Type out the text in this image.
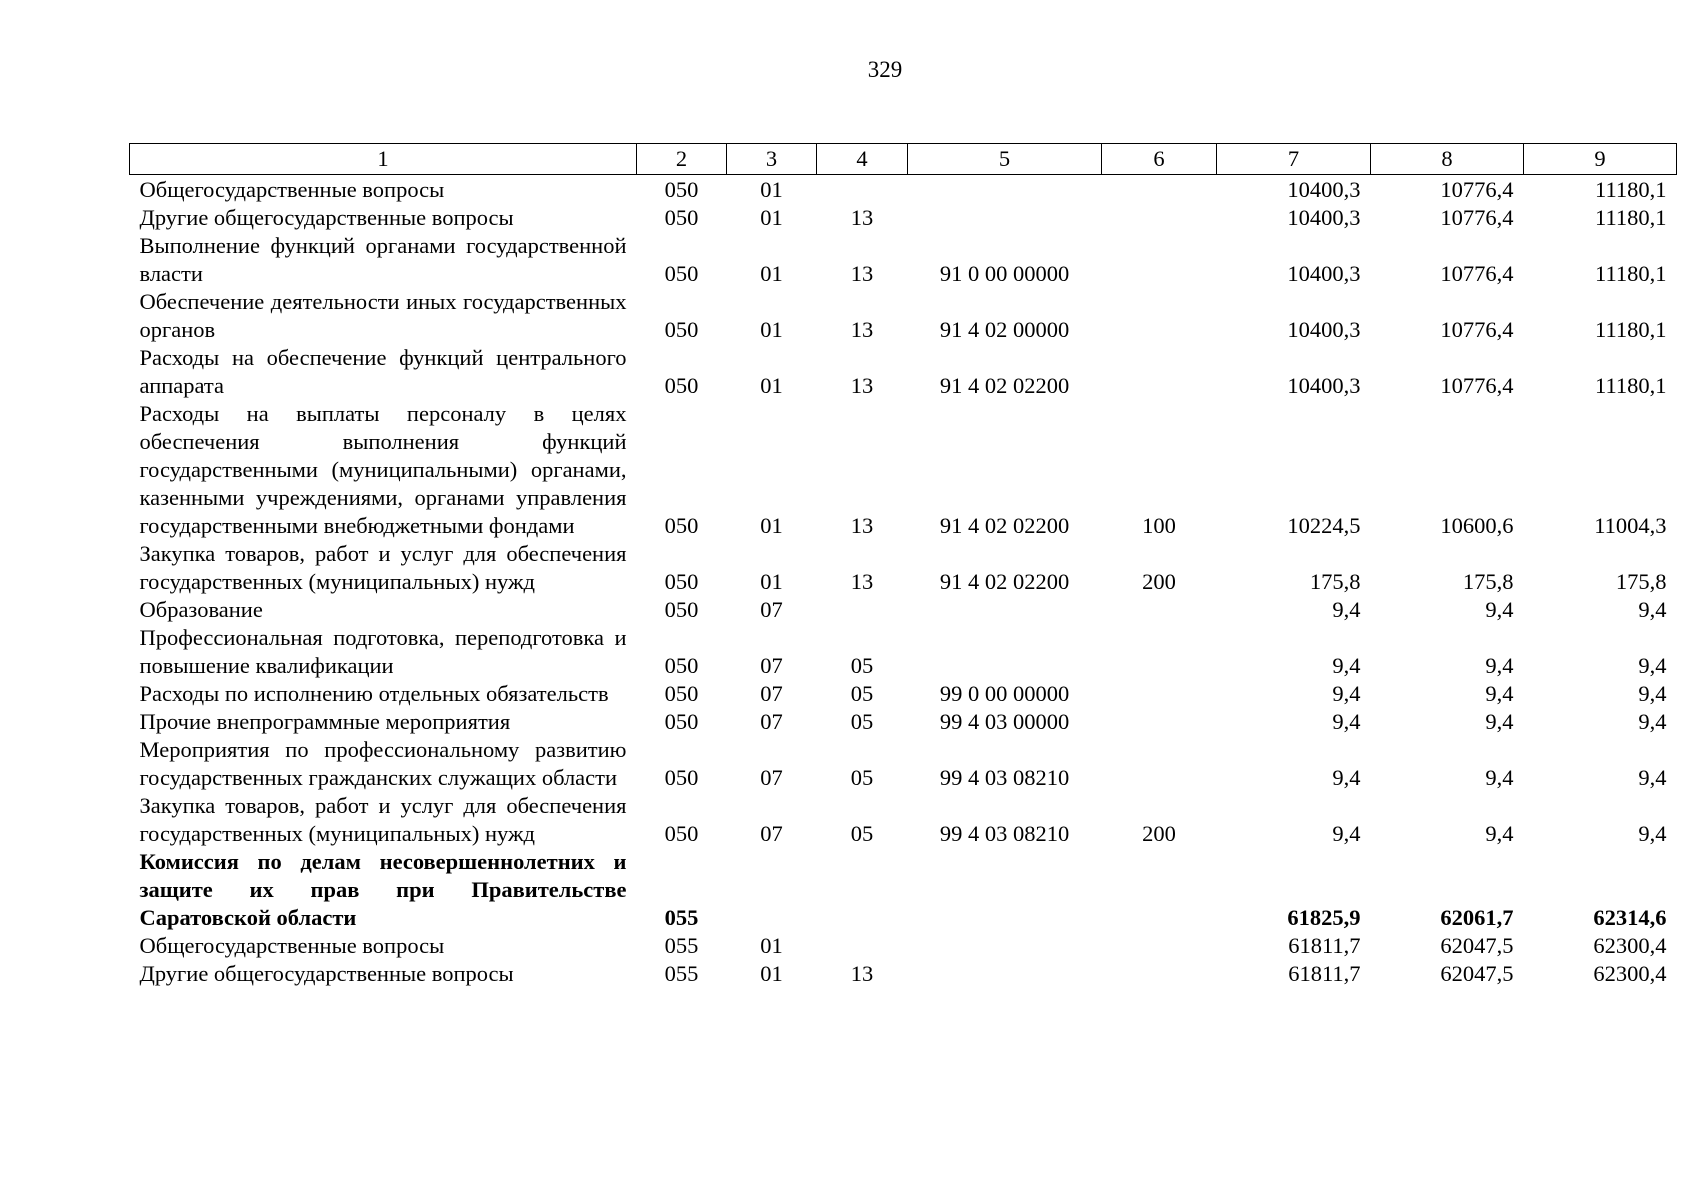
329
1	2	3	4	5	6	7	8	9
Общегосударственные вопросы	050	01				10400,3	10776,4	11180,1
Другие общегосударственные вопросы	050	01	13			10400,3	10776,4	11180,1
Выполнение функций органами государственной власти	050	01	13	91 0 00 00000		10400,3	10776,4	11180,1
Обеспечение деятельности иных государственных органов	050	01	13	91 4 02 00000		10400,3	10776,4	11180,1
Расходы на обеспечение функций центрального аппарата	050	01	13	91 4 02 02200		10400,3	10776,4	11180,1
Расходы на выплаты персоналу в целях обеспечения выполнения функций государственными (муниципальными) органами, казенными учреждениями, органами управления государственными внебюджетными фондами	050	01	13	91 4 02 02200	100	10224,5	10600,6	11004,3
Закупка товаров, работ и услуг для обеспечения государственных (муниципальных) нужд	050	01	13	91 4 02 02200	200	175,8	175,8	175,8
Образование	050	07				9,4	9,4	9,4
Профессиональная подготовка, переподготовка и повышение квалификации	050	07	05			9,4	9,4	9,4
Расходы по исполнению отдельных обязательств	050	07	05	99 0 00 00000		9,4	9,4	9,4
Прочие внепрограммные мероприятия	050	07	05	99 4 03 00000		9,4	9,4	9,4
Мероприятия по профессиональному развитию государственных гражданских служащих области	050	07	05	99 4 03 08210		9,4	9,4	9,4
Закупка товаров, работ и услуг для обеспечения государственных (муниципальных) нужд	050	07	05	99 4 03 08210	200	9,4	9,4	9,4
Комиссия по делам несовершеннолетних и защите их прав при Правительстве Саратовской области	055					61825,9	62061,7	62314,6
Общегосударственные вопросы	055	01				61811,7	62047,5	62300,4
Другие общегосударственные вопросы	055	01	13			61811,7	62047,5	62300,4
